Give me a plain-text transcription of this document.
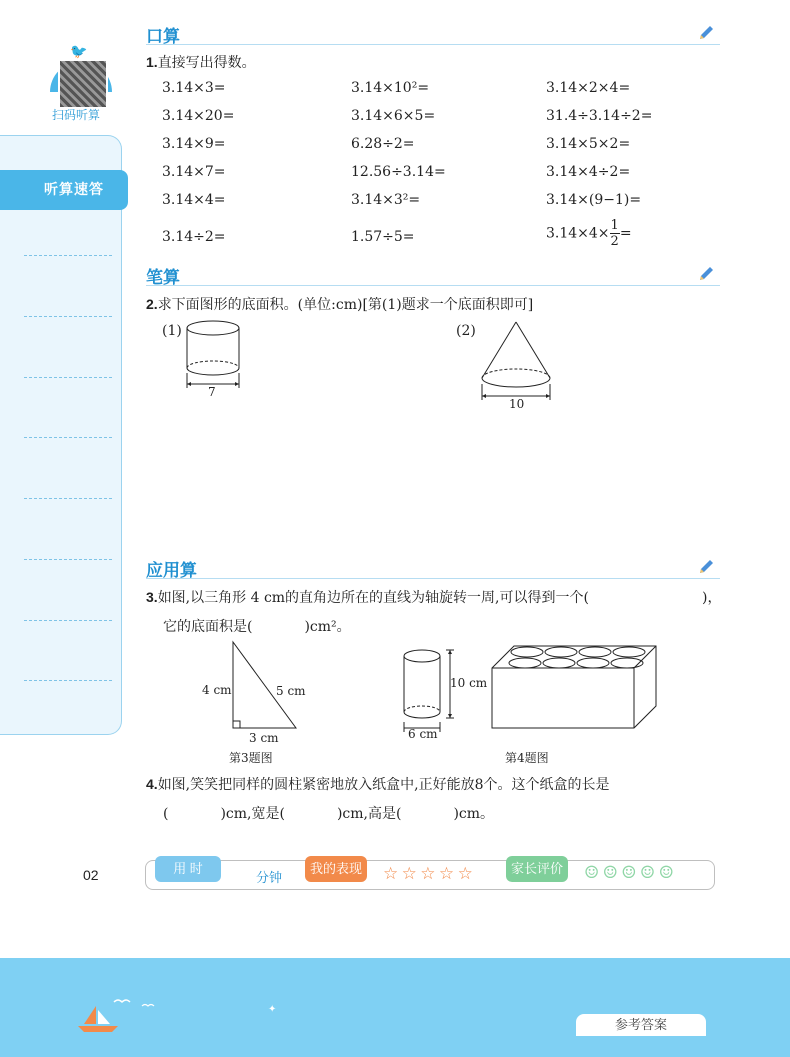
听算速答
🐦
扫码听算
口算
1.直接写出得数。
3.14×3=	3.14×10²=	3.14×2×4=
3.14×20=	3.14×6×5=	31.4÷3.14÷2=
3.14×9=	6.28÷2=	3.14×5×2=
3.14×7=	12.56÷3.14=	3.14×4÷2=
3.14×4=	3.14×3²=	3.14×(9−1)=
3.14÷2=	1.57÷5=	$3.14\times 4\times \frac{1}{2}$ =
笔算
2.求下面图形的底面积。(单位:cm)[第(1)题求一个底面积即可]
(1)
7
(2)
10
应用算
3.如图,以三角形 4 cm的直角边所在的直线为轴旋转一周,可以得到一个(	)，
它的底面积是(	)cm²。
4 cm	5 cm
3 cm
第3题图
10 cm
6 cm
第4题图
4.如图,笑笑把同样的圆柱紧密地放入纸盒中,正好能放8个。这个纸盒的长是
(	)cm,宽是(	)cm,高是(	)cm。
02	用 时
分钟
我的表现 ☆ ☆ ☆ ☆ ☆	家长评价 ☺ ☺ ☺ ☺ ☺
✦
参考答案
